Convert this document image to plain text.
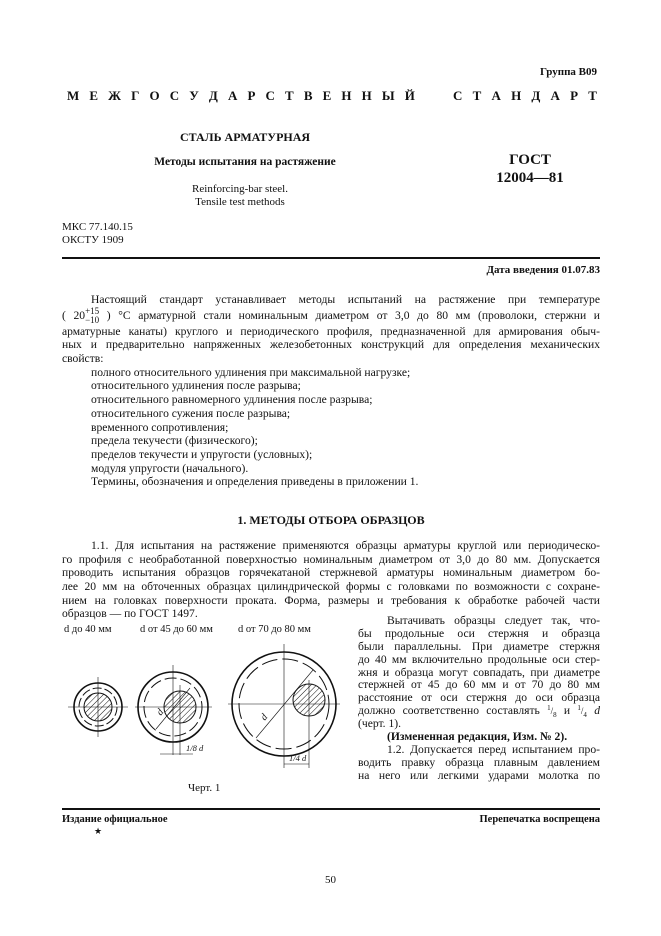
Группа В09
М Е Ж Г О С У Д А Р С Т В Е Н Н Ы Й	С Т А Н Д А Р Т
СТАЛЬ АРМАТУРНАЯ
Методы испытания на растяжение
Reinforcing-bar steel.
Tensile test methods
ГОСТ
12004—81
МКС 77.140.15
ОКСТУ 1909
Дата введения 01.07.83
Настоящий стандарт устанавливает методы испытаний на растяжение при температуре
( 20 +15
−10 ) °С арматурной стали номинальным диаметром от 3,0 до 80 мм (проволоки, стержни и
арматурные канаты) круглого и периодического профиля, предназначенной для армирования обыч-
ных и предварительно напряженных железобетонных конструкций для определения механических
свойств:
полного относительного удлинения при максимальной нагрузке;
относительного удлинения после разрыва;
относительного равномерного удлинения после разрыва;
относительного сужения после разрыва;
временного сопротивления;
предела текучести (физического);
пределов текучести и упругости (условных);
модуля упругости (начального).
Термины, обозначения и определения приведены в приложении 1.
1. МЕТОДЫ ОТБОРА ОБРАЗЦОВ
1.1. Для испытания на растяжение применяются образцы арматуры круглой или периодическо-
го профиля с необработанной поверхностью номинальным диаметром от 3,0 до 80 мм. Допускается
проводить испытания образцов горячекатаной стержневой арматуры номинальным диаметром бо-
лее 20 мм на обточенных образцах цилиндрической формы с головками по возможности с сохране-
нием на головках поверхности проката. Форма, размеры и требования к обработке рабочей части
образцов — по ГОСТ 1497.
Вытачивать образцы следует так, что-
бы продольные оси стержня и образца
были параллельны. При диаметре стержня
до 40 мм включительно продольные оси стер-
жня и образца могут совпадать, при диаметре
стержней от 45 до 60 мм и от 70 до 80 мм
расстояние от оси стержня до оси образца
должно соответственно составлять $^1/_8$ и $^1/_4$ d
(черт. 1).
(Измененная редакция, Изм. № 2).
1.2. Допускается перед испытанием про-
водить правку образца плавным давлением
на него или легкими ударами молотка по
d до 40 мм	d от 45 до 60 мм d от 70 до 80 мм
d	d
1/8 d
1/4 d
Черт. 1
Издание официальное
★
Перепечатка воспрещена
50
